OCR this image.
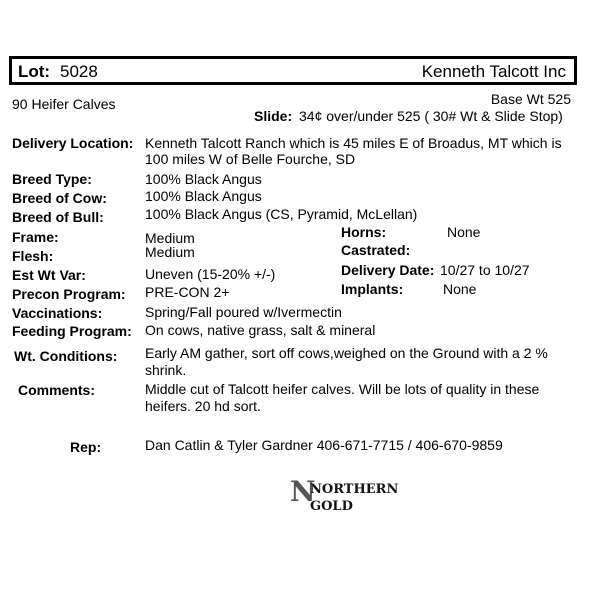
Lot: 5028	Kenneth Talcott Inc
90 Heifer Calves	Base Wt 525
Slide: 34¢ over/under 525 ( 30# Wt & Slide Stop)
Delivery Location: Kenneth Talcott Ranch which is 45 miles E of Broadus, MT which is 100 miles W of Belle Fourche, SD
Breed Type:	100% Black Angus
Breed of Cow:	100% Black Angus
Breed of Bull:	100% Black Angus (CS, Pyramid, McLellan)
Frame:	Medium
Flesh:	Medium
Est Wt Var:	Uneven (15-20% +/-)
Precon Program: PRE-CON 2+
Horns:	None
Castrated:
Delivery Date: 10/27 to 10/27
Implants:	None
Vaccinations:	Spring/Fall poured w/Ivermectin
Feeding Program: On cows, native grass, salt & mineral
Wt. Conditions: Early AM gather, sort off cows,weighed on the Ground with a 2 % shrink.
Comments:	Middle cut of Talcott heifer calves. Will be lots of quality in these heifers. 20 hd sort.
Rep:	Dan Catlin & Tyler Gardner 406-671-7715 / 406-670-9859
N
NORTHERN
GOLD
